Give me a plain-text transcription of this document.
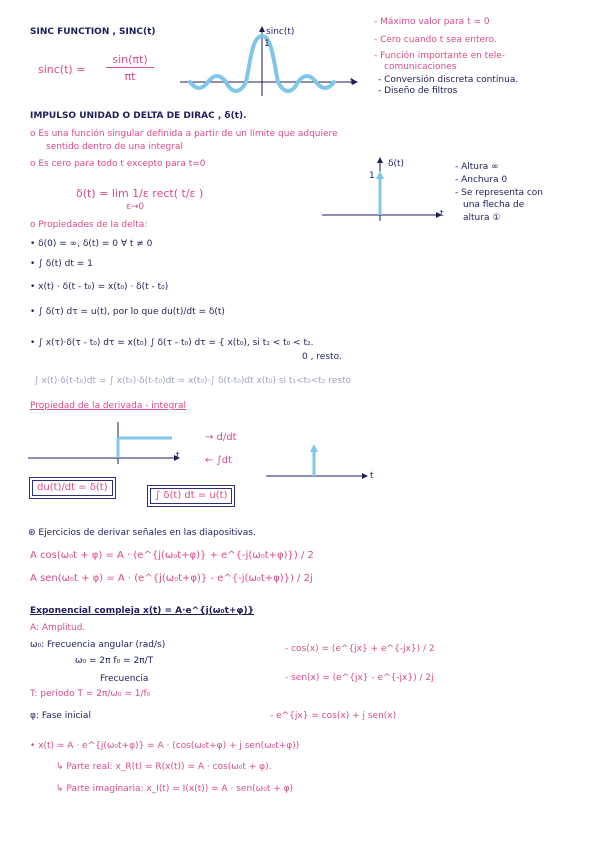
SINC FUNCTION , SINC(t)
sinc(t) =
sin(πt)
πt
sinc(t)
1
t
- Máximo valor para t = 0
- Cero cuando t sea entero.
- Función importante en tele-
comunicaciones
- Conversión discreta continua.
- Diseño de filtros
IMPULSO UNIDAD O DELTA DE DIRAC , δ(t).
o Es una función singular definida a partir de un límite que adquiere
sentido dentro de una integral
o Es cero para todo t excepto para t=0
δ(t) = lim 1/ε rect( t/ε )
ε→0
δ(t)
1
t
- Altura ∞
- Anchura 0
- Se representa con
una flecha de
altura ①
o Propiedades de la delta:
• δ(0) = ∞, δ(t) = 0 ∀ t ≠ 0
• ∫ δ(t) dt = 1
• x(t) · δ(t - t₀) = x(t₀) · δ(t - t₀)
• ∫ δ(τ) dτ = u(t), por lo que du(t)/dt = δ(t)
• ∫ x(τ)·δ(τ - t₀) dτ = x(t₀) ∫ δ(τ - t₀) dτ = { x(t₀), si t₁ < t₀ < t₂.
0 , resto.
∫ x(t)·δ(t-t₀)dt = ∫ x(t₀)·δ(t-t₀)dt = x(t₀)·∫ δ(t-t₀)dt x(t₀) si t₁<t₀<t₂ resto
Propiedad de la derivada - integral
t
→ d/dt
← ∫dt
t
du(t)/dt = δ(t)
∫ δ(t) dt = u(t)
⊛ Ejercicios de derivar señales en las diapositivas.
A cos(ω₀t + φ) = A · (e^{j(ω₀t+φ)} + e^{-j(ω₀t+φ)}) / 2
A sen(ω₀t + φ) = A · (e^{j(ω₀t+φ)} - e^{-j(ω₀t+φ)}) / 2j
Exponencial compleja x(t) = A·e^{j(ω₀t+φ)}
A: Amplitud.
ω₀: Frecuencia angular (rad/s)
ω₀ = 2π f₀ = 2π/T
Frecuencia
T: periodo T = 2π/ω₀ = 1/f₀
φ: Fase inicial
- cos(x) = (e^{jx} + e^{-jx}) / 2
- sen(x) = (e^{jx} - e^{-jx}) / 2j
- e^{jx} = cos(x) + j sen(x)
• x(t) = A · e^{j(ω₀t+φ)} = A · (cos(ω₀t+φ) + j sen(ω₀t+φ))
↳ Parte real: x_R(t) = R(x(t)) = A · cos(ω₀t + φ).
↳ Parte imaginaria: x_I(t) = I(x(t)) = A · sen(ω₀t + φ)
